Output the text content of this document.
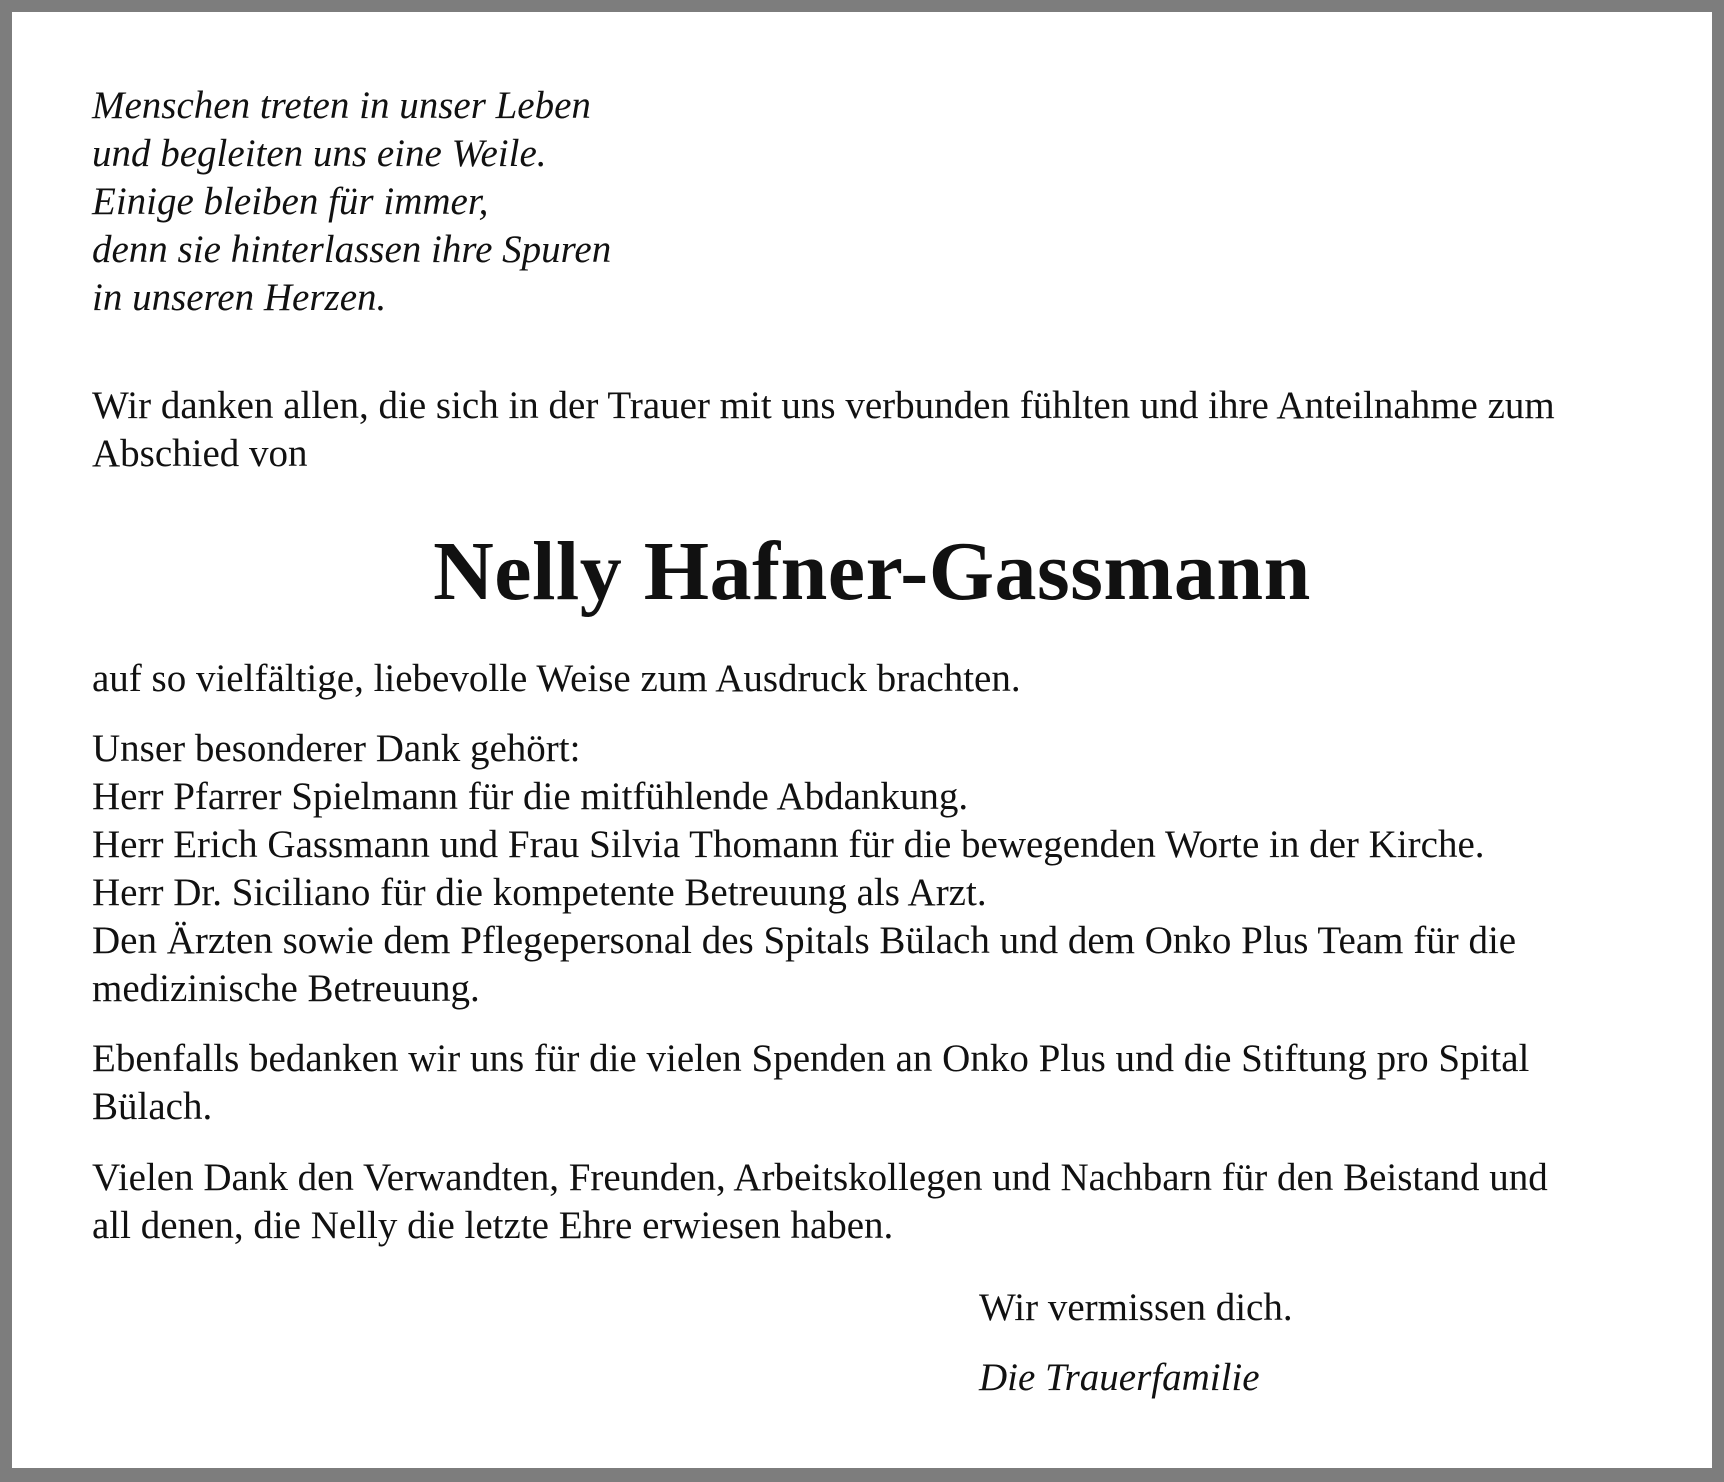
Menschen treten in unser Leben
und begleiten uns eine Weile.
Einige bleiben für immer,
denn sie hinterlassen ihre Spuren
in unseren Herzen.
Wir danken allen, die sich in der Trauer mit uns verbunden fühlten und ihre Anteilnahme zum
Abschied von
Nelly Hafner-Gassmann
auf so vielfältige, liebevolle Weise zum Ausdruck brachten.
Unser besonderer Dank gehört:
Herr Pfarrer Spielmann für die mitfühlende Abdankung.
Herr Erich Gassmann und Frau Silvia Thomann für die bewegenden Worte in der Kirche.
Herr Dr. Siciliano für die kompetente Betreuung als Arzt.
Den Ärzten sowie dem Pflegepersonal des Spitals Bülach und dem Onko Plus Team für die
medizinische Betreuung.
Ebenfalls bedanken wir uns für die vielen Spenden an Onko Plus und die Stiftung pro Spital
Bülach.
Vielen Dank den Verwandten, Freunden, Arbeitskollegen und Nachbarn für den Beistand und
all denen, die Nelly die letzte Ehre erwiesen haben.
Wir vermissen dich.
Die Trauerfamilie
